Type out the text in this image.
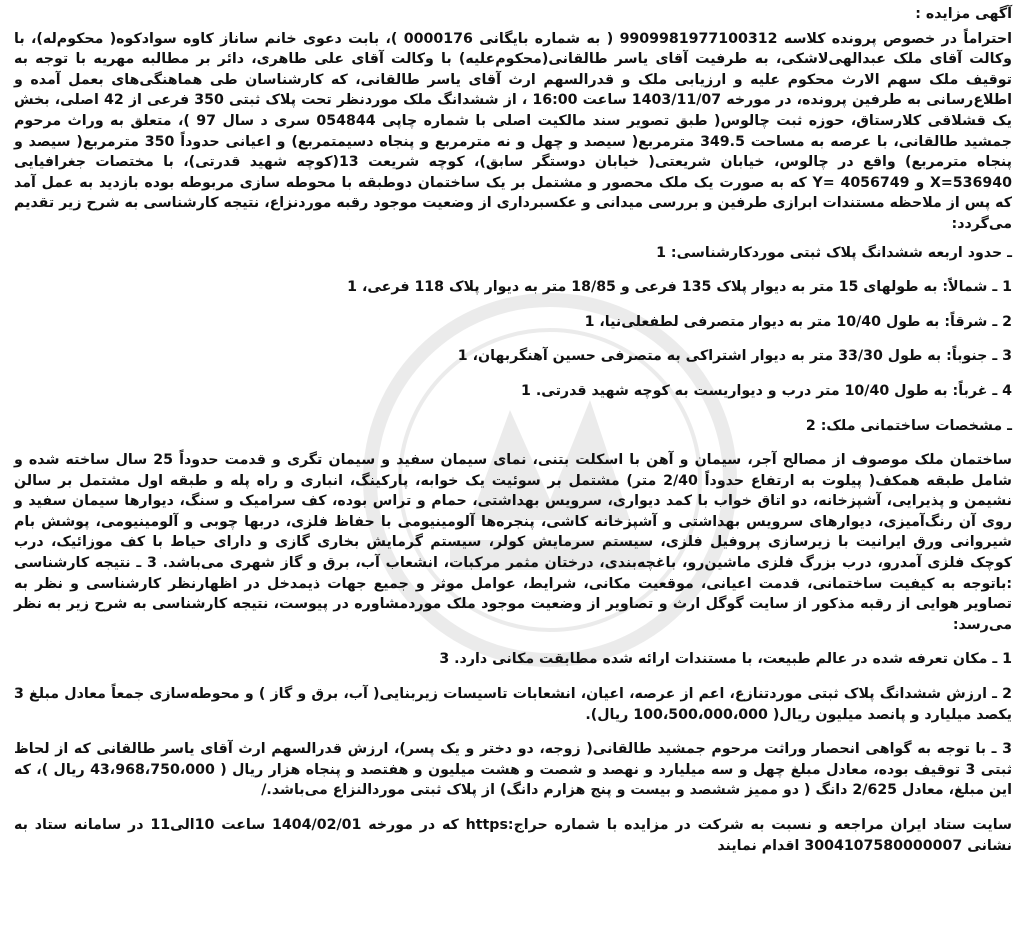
آگهی مزایده :

احتراماً در خصوص پرونده کلاسه 9909981977100312 ( به شماره بایگانی 0000176 )، بابت دعوی خانم ساناز کاوه سوادکوه( محکوم‌له)، با وکالت آقای ملک عبدالهی‌لاشکی، به طرفیت آقای یاسر طالقانی(محکوم‌علیه) با وکالت آقای علی طاهری، دائر بر مطالبه مهریه با توجه به توقیف ملک سهم الارث محکوم علیه و ارزیابی ملک و قدرالسهم ارث آقای یاسر طالقانی، که کارشناسان طی هماهنگی‌های بعمل آمده و اطلاع‌رسانی به طرفین پرونده، در مورخه 1403/11/07 ساعت 16:00 ، از ششدانگ ملک موردنظر تحت پلاک ثبتی 350 فرعی از 42 اصلی، بخش یک قشلاقی کلارستاق، حوزه ثبت چالوس( طبق تصویر سند مالکیت اصلی با شماره چاپی 054844 سری د سال 97 )، متعلق به وراث مرحوم جمشید طالقانی، با عرصه به مساحت 349.5 مترمربع( سیصد و چهل و نه مترمربع و پنجاه دسیمتمربع) و اعیانی حدوداً 350 مترمربع( سیصد و پنجاه مترمربع) واقع در چالوس، خیابان شریعتی( خیابان دوستگر سابق)، کوچه شریعت 13(کوچه شهید قدرتی)، با مختصات جغرافیایی X=536940 و Y= 4056749 که به صورت یک ملک محصور و مشتمل بر یک ساختمان دوطبقه با محوطه سازی مربوطه بوده بازدید به عمل آمد که پس از ملاحظه مستندات ابرازی طرفین و بررسی میدانی و عکسبرداری از وضعیت موجود رقبه موردنزاع، نتیجه کارشناسی به شرح زیر تقدیم می‌گردد:

ـ حدود اربعه ششدانگ پلاک ثبتی موردکارشناسی: 1

1 ـ شمالاً: به طولهای 15 متر به دیوار پلاک 135 فرعی و 18/85 متر به دیوار پلاک 118 فرعی، 1

2 ـ شرقاً: به طول 10/40 متر به دیوار متصرفی لطفعلی‌نیا، 1

3 ـ جنوباً: به طول 33/30 متر به دیوار اشتراکی به متصرفی حسین آهنگربهان، 1

4 ـ غرباً: به طول 10/40 متر درب و دیواریست به کوچه شهید قدرتی. 1

ـ مشخصات ساختمانی ملک: 2

ساختمان ملک موصوف از مصالح آجر، سیمان و آهن با اسکلت بتنی، نمای سیمان سفید و سیمان تگری و قدمت حدوداً 25 سال ساخته شده و شامل طبقه همکف( پیلوت به ارتفاع حدوداً 2/40 متر) مشتمل بر سوئیت یک خوابه، پارکینگ، انباری و راه پله و طبقه اول مشتمل بر سالن نشیمن و پذیرایی، آشپزخانه، دو اتاق خواب با کمد دیواری، سرویس بهداشتی، حمام و تراس بوده، کف سرامیک و سنگ، دیوارها سیمان سفید و روی آن رنگ‌آمیزی، دیوارهای سرویس بهداشتی و آشپزخانه کاشی، پنجره‌ها آلومینیومی با حفاظ فلزی، دربها چوبی و آلومینیومی، پوشش بام شیروانی ورق ایرانیت با زیرسازی پروفیل فلزی، سیستم سرمایش کولر، سیستم گرمایش بخاری گازی و دارای حیاط با کف موزائیک، درب کوچک فلزی آمدرو، درب بزرگ فلزی ماشین‌رو، باغچه‌بندی، درختان مثمر مرکبات، انشعاب آب، برق و گاز شهری می‌باشد. 3 ـ نتیجه کارشناسی :باتوجه به کیفیت ساختمانی، قدمت اعیانی، موقعیت مکانی، شرایط، عوامل موثر و جمیع جهات ذیمدخل در اظهارنظر کارشناسی و نظر به تصاویر هوایی از رقبه مذکور از سایت گوگل ارث و تصاویر از وضعیت موجود ملک موردمشاوره در پیوست، نتیجه کارشناسی به شرح زیر به نظر می‌رسد:

1 ـ مکان تعرفه شده در عالم طبیعت، با مستندات ارائه شده مطابقت مکانی دارد. 3

2 ـ ارزش ششدانگ پلاک ثبتی موردتنازع، اعم از عرصه، اعیان، انشعابات تاسیسات زیربنایی( آب، برق و گاز ) و محوطه‌سازی جمعاً معادل مبلغ 3 یکصد میلیارد و پانصد میلیون ریال( 100،500،000،000 ریال).

3 ـ با توجه به گواهی انحصار وراثت مرحوم جمشید طالقانی( زوجه، دو دختر و یک پسر)، ارزش قدرالسهم ارث آقای یاسر طالقانی که از لحاظ ثبتی 3 توقیف بوده، معادل مبلغ چهل و سه میلیارد و نهصد و شصت و هشت میلیون و هفتصد و پنجاه هزار ریال ( 43،968،750،000 ریال )، که این مبلغ، معادل 2/625 دانگ ( دو ممیز ششصد و بیست و پنج هزارم دانگ) از پلاک ثبتی موردالنزاع می‌باشد./

سایت ستاد ایران مراجعه و نسبت به شرکت در مزایده با شماره حراج:https که در مورخه 1404/02/01 ساعت 10الی11 در سامانه ستاد به نشانی 3004107580000007 اقدام نمایند
